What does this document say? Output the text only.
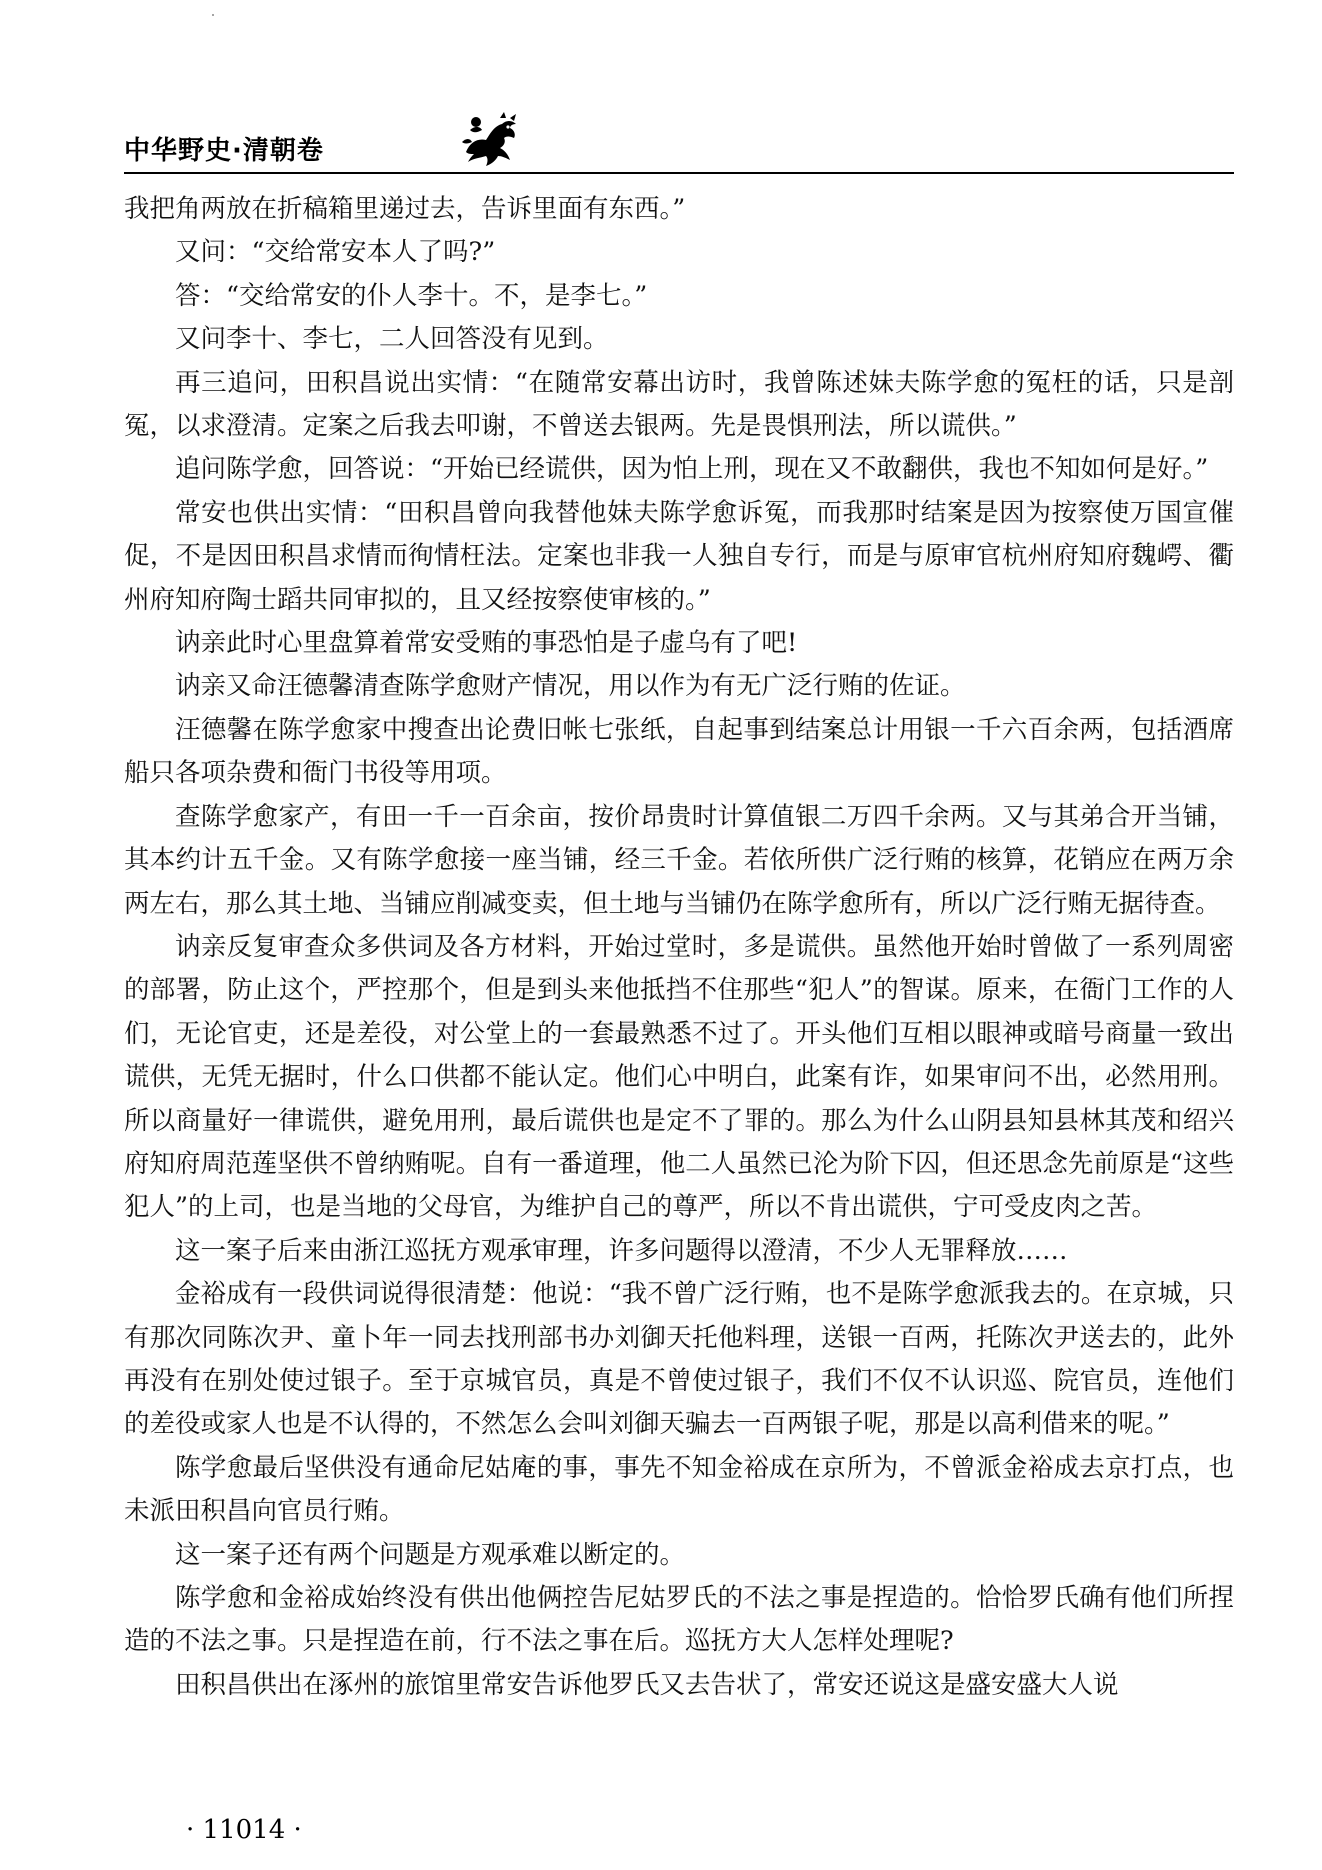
中华野史·清朝卷

我把角两放在折稿箱里递过去，告诉里面有东西。”

又问：“交给常安本人了吗?”

答：“交给常安的仆人李十。不，是李七。”

又问李十、李七，二人回答没有见到。

再三追问，田积昌说出实情：“在随常安幕出访时，我曾陈述妹夫陈学愈的冤枉的话，只是剖冤，以求澄清。定案之后我去叩谢，不曾送去银两。先是畏惧刑法，所以谎供。”

追问陈学愈，回答说：“开始已经谎供，因为怕上刑，现在又不敢翻供，我也不知如何是好。”

常安也供出实情：“田积昌曾向我替他妹夫陈学愈诉冤，而我那时结案是因为按察使万国宣催促，不是因田积昌求情而徇情枉法。定案也非我一人独自专行，而是与原审官杭州府知府魏崿、衢州府知府陶士蹈共同审拟的，且又经按察使审核的。”

讷亲此时心里盘算着常安受贿的事恐怕是子虚乌有了吧!

讷亲又命汪德馨清查陈学愈财产情况，用以作为有无广泛行贿的佐证。

汪德馨在陈学愈家中搜查出论费旧帐七张纸，自起事到结案总计用银一千六百余两，包括酒席船只各项杂费和衙门书役等用项。

查陈学愈家产，有田一千一百余亩，按价昂贵时计算值银二万四千余两。又与其弟合开当铺，其本约计五千金。又有陈学愈接一座当铺，经三千金。若依所供广泛行贿的核算，花销应在两万余两左右，那么其土地、当铺应削减变卖，但土地与当铺仍在陈学愈所有，所以广泛行贿无据待查。

讷亲反复审查众多供词及各方材料，开始过堂时，多是谎供。虽然他开始时曾做了一系列周密的部署，防止这个，严控那个，但是到头来他抵挡不住那些“犯人”的智谋。原来，在衙门工作的人们，无论官吏，还是差役，对公堂上的一套最熟悉不过了。开头他们互相以眼神或暗号商量一致出谎供，无凭无据时，什么口供都不能认定。他们心中明白，此案有诈，如果审问不出，必然用刑。所以商量好一律谎供，避免用刑，最后谎供也是定不了罪的。那么为什么山阴县知县林其茂和绍兴府知府周范莲坚供不曾纳贿呢。自有一番道理，他二人虽然已沦为阶下囚，但还思念先前原是“这些犯人”的上司，也是当地的父母官，为维护自己的尊严，所以不肯出谎供，宁可受皮肉之苦。

这一案子后来由浙江巡抚方观承审理，许多问题得以澄清，不少人无罪释放……

金裕成有一段供词说得很清楚：他说：“我不曾广泛行贿，也不是陈学愈派我去的。在京城，只有那次同陈次尹、童卜年一同去找刑部书办刘御天托他料理，送银一百两，托陈次尹送去的，此外再没有在别处使过银子。至于京城官员，真是不曾使过银子，我们不仅不认识巡、院官员，连他们的差役或家人也是不认得的，不然怎么会叫刘御天骗去一百两银子呢，那是以高利借来的呢。”

陈学愈最后坚供没有通命尼姑庵的事，事先不知金裕成在京所为，不曾派金裕成去京打点，也未派田积昌向官员行贿。

这一案子还有两个问题是方观承难以断定的。

陈学愈和金裕成始终没有供出他俩控告尼姑罗氏的不法之事是捏造的。恰恰罗氏确有他们所捏造的不法之事。只是捏造在前，行不法之事在后。巡抚方大人怎样处理呢?

田积昌供出在涿州的旅馆里常安告诉他罗氏又去告状了，常安还说这是盛安盛大人说

· 11014 ·
